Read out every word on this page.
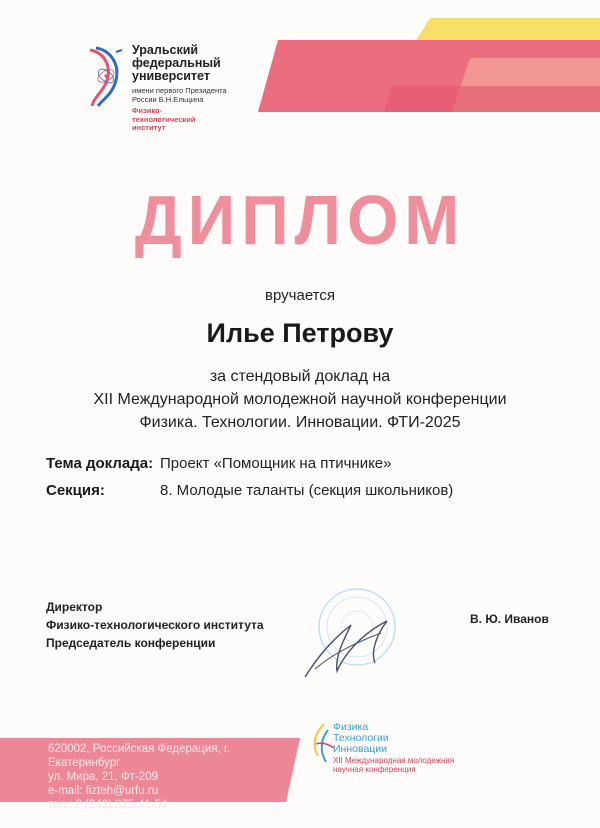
Уральский
федеральный
университет
имени первого Президента
России Б.Н.Ельцина
Физико-
технологический
институт
ДИПЛОМ
вручается
Илье Петрову
за стендовый доклад на
XII Международной молодежной научной конференции
Физика. Технологии. Инновации. ФТИ-2025
Тема доклада: Проект «Помощник на птичнике»
Секция:	8. Молодые таланты (секция школьников)
Директор
Физико-технологического института
Председатель конференции
В. Ю. Иванов
620002, Российская Федерация, г. Екатеринбург
ул. Мира, 21, Фт-209
e-mail: fizteh@urfu.ru
тел.: 8 (343) 375-41-54
Физика
Технологии
Инновации
XII Международная молодежная
научная конференция
